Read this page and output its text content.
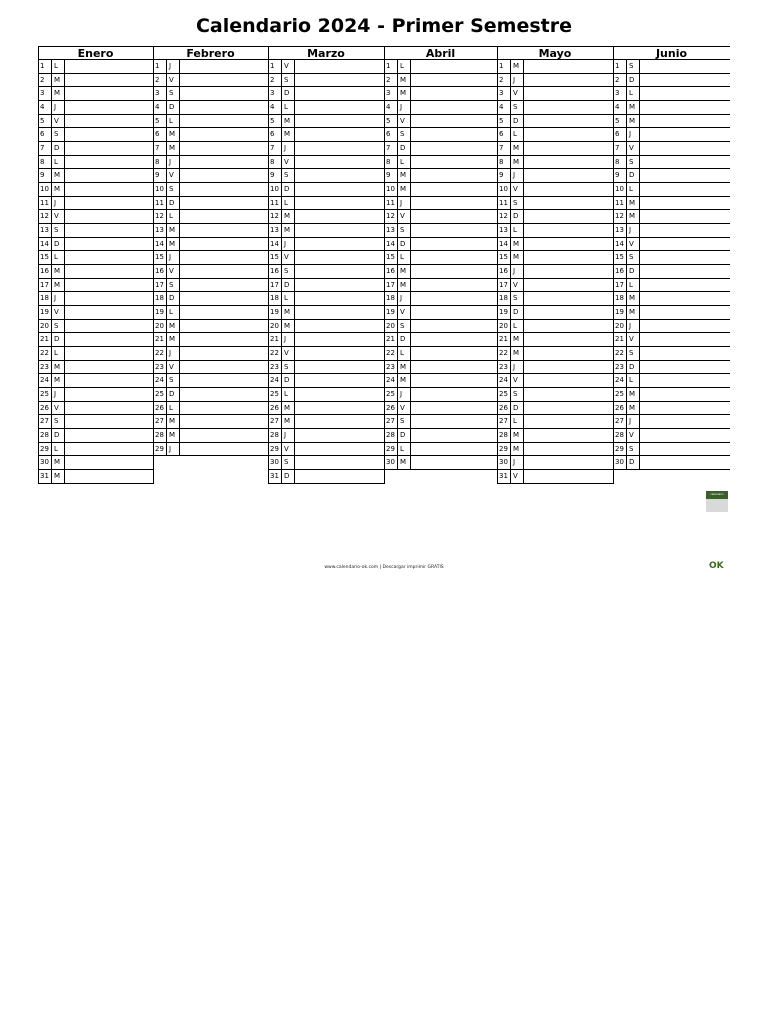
Calendario 2024 - Primer Semestre
Enero
1	L
2	M
3	M
4	J
5	V
6	S
7	D
8	L
9	M
10 M
11 J
12 V
13 S
14 D
15 L
16 M
17 M
18 J
19 V
20 S
21 D
22 L
23 M
24 M
25 J
26 V
27 S
28 D
29 L
30 M
31 M
Febrero
1	J
2	V
3	S
4	D
5	L
6	M
7	M
8	J
9	V
10 S
11 D
12 L
13 M
14 M
15 J
16 V
17 S
18 D
19 L
20 M
21 M
22 J
23 V
24 S
25 D
26 L
27 M
28 M
29 J
Marzo
1	V
2	S
3	D
4	L
5	M
6	M
7	J
8	V
9	S
10 D
11 L
12 M
13 M
14 J
15 V
16 S
17 D
18 L
19 M
20 M
21 J
22 V
23 S
24 D
25 L
26 M
27 M
28 J
29 V
30 S
31 D
Abril
1	L
2	M
3	M
4	J
5	V
6	S
7	D
8	L
9	M
10 M
11 J
12 V
13 S
14 D
15 L
16 M
17 M
18 J
19 V
20 S
21 D
22 L
23 M
24 M
25 J
26 V
27 S
28 D
29 L
30 M
Mayo
1	M
2	J
3	V
4	S
5	D
6	L
7	M
8	M
9	J
10 V
11 S
12 D
13 L
14 M
15 M
16 J
17 V
18 S
19 D
20 L
21 M
22 M
23 J
24 V
25 S
26 D
27 L
28 M
29 M
30 J
31 V
Junio
1	S
2	D
3	L
4	M
5	M
6	J
7	V
8	S
9	D
10 L
11 M
12 M
13 J
14 V
15 S
16 D
17 L
18 M
19 M
20 J
21 V
22 S
23 D
24 L
25 M
26 M
27 J
28 V
29 S
30 D
calendario
OK
www.calendario-ok.com | Descargar imprimir GRATIS
